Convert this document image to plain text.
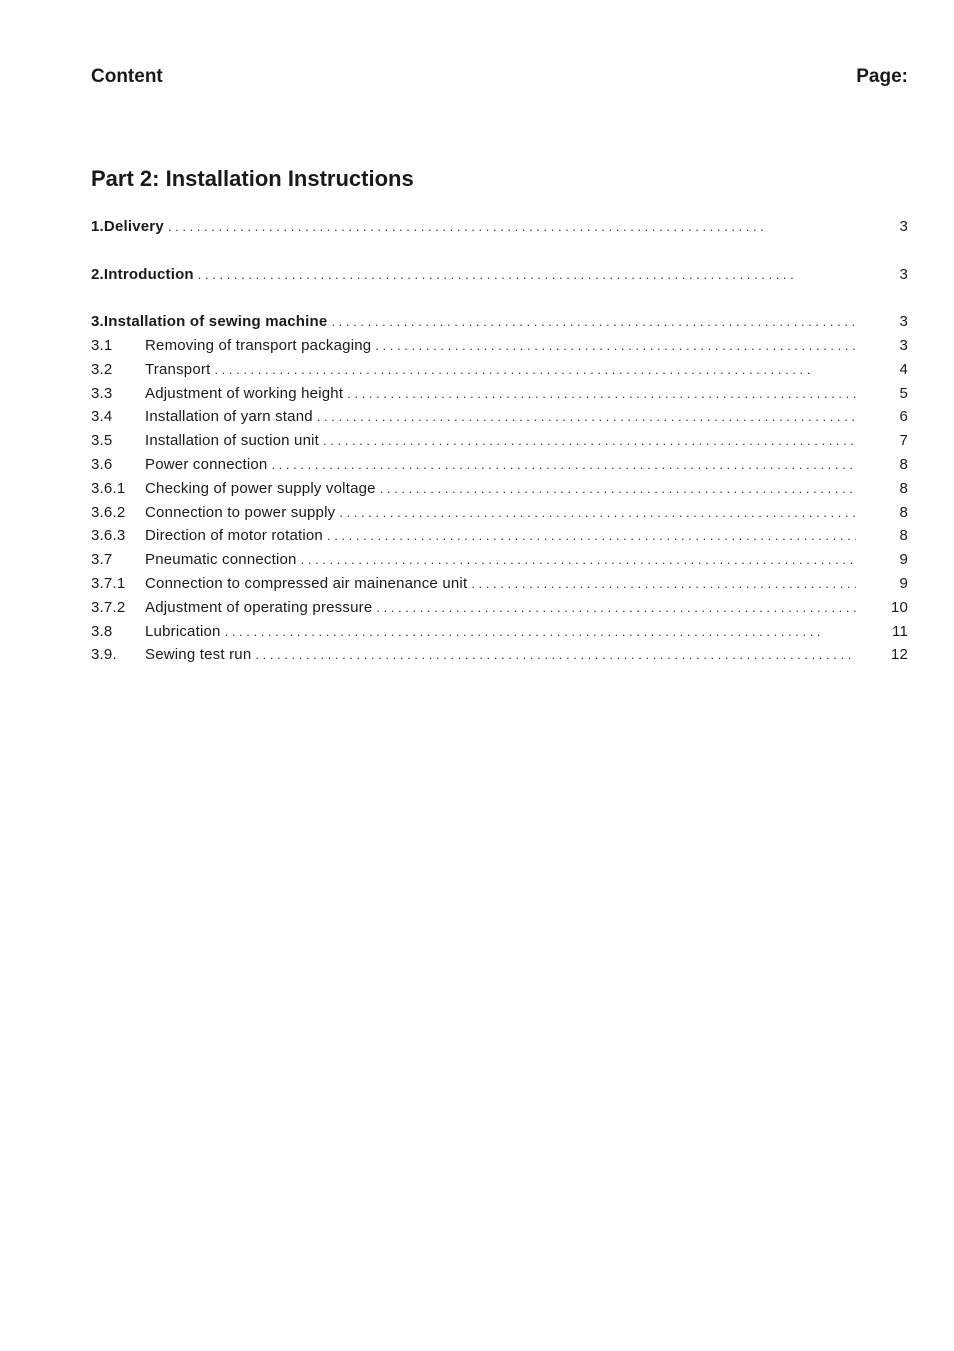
Content	Page:
Part 2: Installation Instructions
1.Delivery . . .	3
2.Introduction . . .	3
3.Installation of sewing machine . . .	3
3.1	Removing of transport packaging . . .	3
3.2	Transport . . .	4
3.3	Adjustment of working height . . .	5
3.4	Installation of yarn stand . . .	6
3.5	Installation of suction unit . . .	7
3.6	Power connection . . .	8
3.6.1	Checking of power supply voltage . . .	8
3.6.2	Connection to power supply . . .	8
3.6.3	Direction of motor rotation . . .	8
3.7	Pneumatic connection . . .	9
3.7.1	Connection to compressed air mainenance unit . . .	9
3.7.2	Adjustment of operating pressure . . .	10
3.8	Lubrication . . .	11
3.9.	Sewing test run . . .	12
